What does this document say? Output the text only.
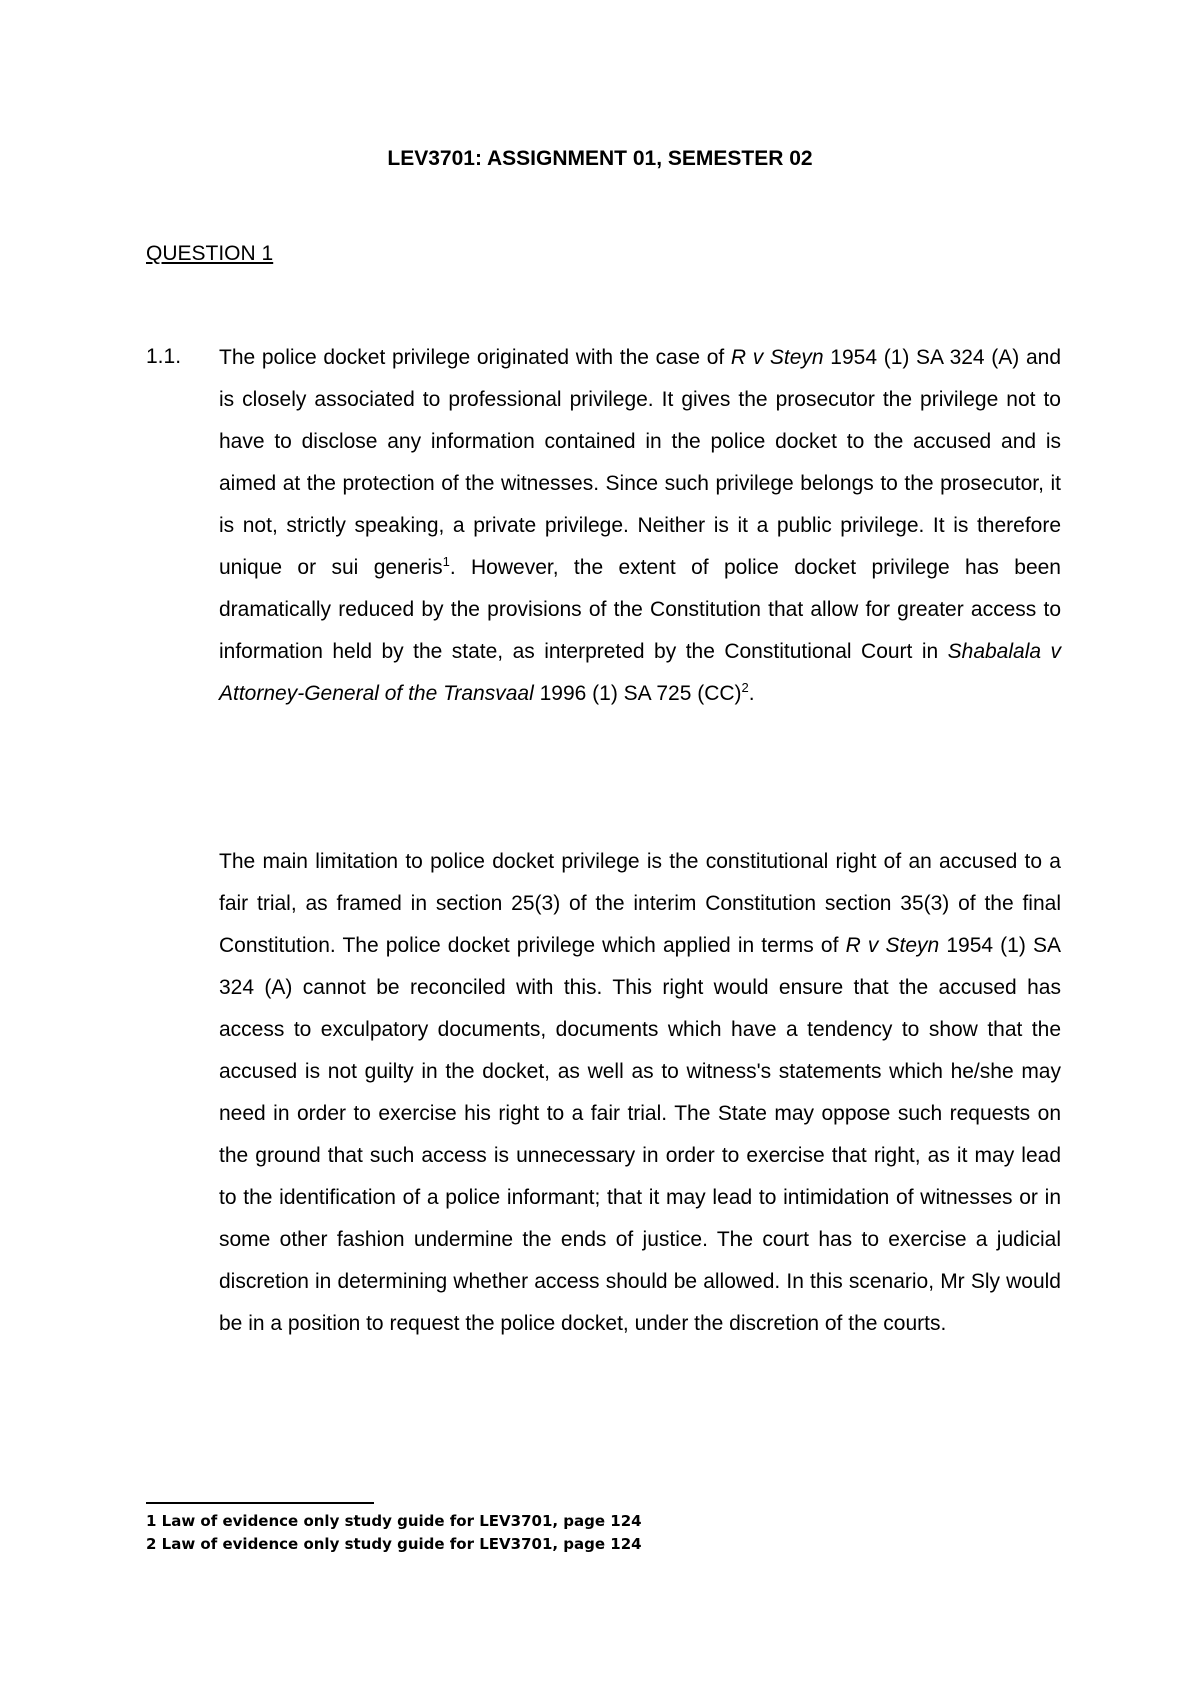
LEV3701: ASSIGNMENT 01, SEMESTER 02
QUESTION 1
1.1. The police docket privilege originated with the case of R v Steyn 1954 (1) SA 324 (A) and is closely associated to professional privilege. It gives the prosecutor the privilege not to have to disclose any information contained in the police docket to the accused and is aimed at the protection of the witnesses. Since such privilege belongs to the prosecutor, it is not, strictly speaking, a private privilege. Neither is it a public privilege. It is therefore unique or sui generis$^1$. However, the extent of police docket privilege has been dramatically reduced by the provisions of the Constitution that allow for greater access to information held by the state, as interpreted by the Constitutional Court in Shabalala v Attorney-General of the Transvaal 1996 (1) SA 725 (CC)$^2$.

The main limitation to police docket privilege is the constitutional right of an accused to a fair trial, as framed in section 25(3) of the interim Constitution section 35(3) of the final Constitution. The police docket privilege which applied in terms of R v Steyn 1954 (1) SA 324 (A) cannot be reconciled with this. This right would ensure that the accused has access to exculpatory documents, documents which have a tendency to show that the accused is not guilty in the docket, as well as to witness's statements which he/she may need in order to exercise his right to a fair trial. The State may oppose such requests on the ground that such access is unnecessary in order to exercise that right, as it may lead to the identification of a police informant; that it may lead to intimidation of witnesses or in some other fashion undermine the ends of justice. The court has to exercise a judicial discretion in determining whether access should be allowed. In this scenario, Mr Sly would be in a position to request the police docket, under the discretion of the courts.

1 Law of evidence only study guide for LEV3701, page 124
2 Law of evidence only study guide for LEV3701, page 124
